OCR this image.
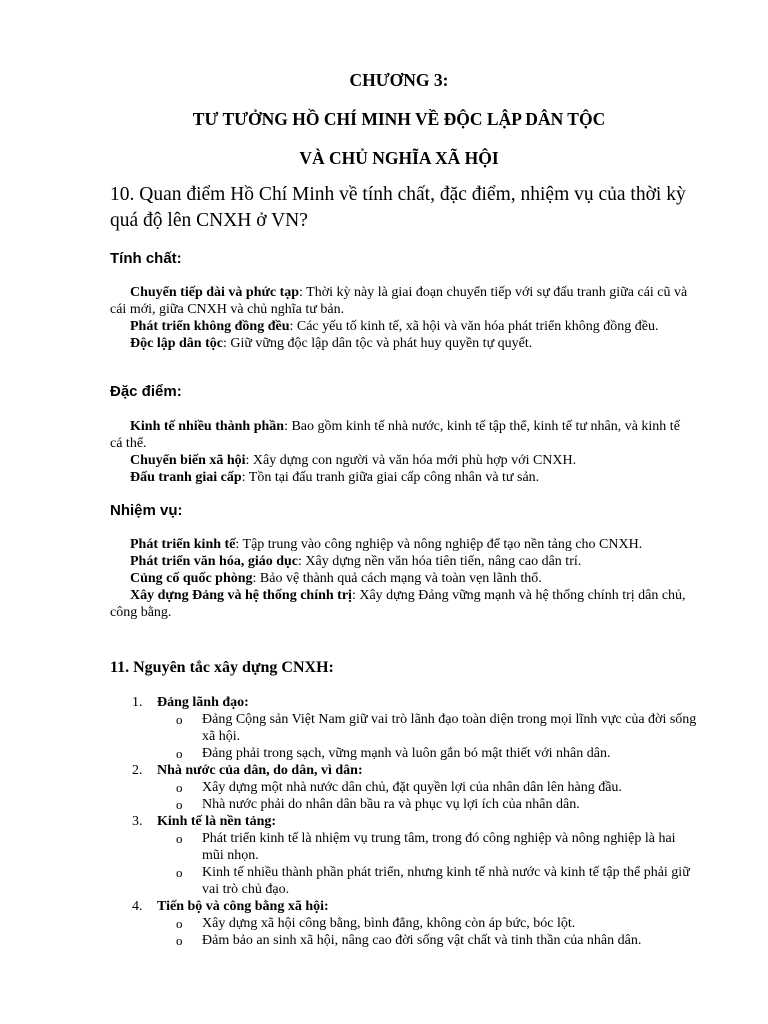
CHƯƠNG 3:
TƯ TƯỞNG HỒ CHÍ MINH VỀ ĐỘC LẬP DÂN TỘC
VÀ CHỦ NGHĨA XÃ HỘI
10. Quan điểm Hồ Chí Minh về tính chất, đặc điểm, nhiệm vụ của thời kỳ quá độ lên CNXH ở VN?
Tính chất:

Chuyển tiếp dài và phức tạp: Thời kỳ này là giai đoạn chuyển tiếp với sự đấu tranh giữa cái cũ và cái mới, giữa CNXH và chủ nghĩa tư bản.

Phát triển không đồng đều: Các yếu tố kinh tế, xã hội và văn hóa phát triển không đồng đều.

Độc lập dân tộc: Giữ vững độc lập dân tộc và phát huy quyền tự quyết.

Đặc điểm:

Kinh tế nhiều thành phần: Bao gồm kinh tế nhà nước, kinh tế tập thể, kinh tế tư nhân, và kinh tế cá thể.

Chuyển biến xã hội: Xây dựng con người và văn hóa mới phù hợp với CNXH.

Đấu tranh giai cấp: Tồn tại đấu tranh giữa giai cấp công nhân và tư sản.

Nhiệm vụ:

Phát triển kinh tế: Tập trung vào công nghiệp và nông nghiệp để tạo nền tảng cho CNXH.

Phát triển văn hóa, giáo dục: Xây dựng nền văn hóa tiên tiến, nâng cao dân trí.

Củng cố quốc phòng: Bảo vệ thành quả cách mạng và toàn vẹn lãnh thổ.

Xây dựng Đảng và hệ thống chính trị: Xây dựng Đảng vững mạnh và hệ thống chính trị dân chủ, công bằng.

11. Nguyên tắc xây dựng CNXH:
1. Đảng lãnh đạo:
o Đảng Cộng sản Việt Nam giữ vai trò lãnh đạo toàn diện trong mọi lĩnh vực của đời sống xã hội.
o Đảng phải trong sạch, vững mạnh và luôn gắn bó mật thiết với nhân dân.
2. Nhà nước của dân, do dân, vì dân:
o Xây dựng một nhà nước dân chủ, đặt quyền lợi của nhân dân lên hàng đầu.
o Nhà nước phải do nhân dân bầu ra và phục vụ lợi ích của nhân dân.
3. Kinh tế là nền tảng:
o Phát triển kinh tế là nhiệm vụ trung tâm, trong đó công nghiệp và nông nghiệp là hai mũi nhọn.
o Kinh tế nhiều thành phần phát triển, nhưng kinh tế nhà nước và kinh tế tập thể phải giữ vai trò chủ đạo.
4. Tiến bộ và công bằng xã hội:
o Xây dựng xã hội công bằng, bình đẳng, không còn áp bức, bóc lột.
o Đảm bảo an sinh xã hội, nâng cao đời sống vật chất và tinh thần của nhân dân.
